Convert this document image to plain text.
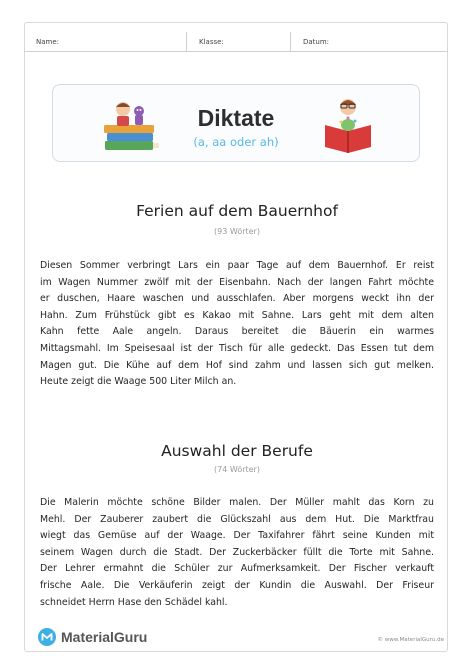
Name:	Klasse:	Datum:
Diktate
(a, aa oder ah)
Ferien auf dem Bauernhof
(93 Wörter)
Diesen Sommer verbringt Lars ein paar Tage auf dem Bauernhof. Er reist
im Wagen Nummer zwölf mit der Eisenbahn. Nach der langen Fahrt möchte
er duschen, Haare waschen und ausschlafen. Aber morgens weckt ihn der
Hahn. Zum Frühstück gibt es Kakao mit Sahne. Lars geht mit dem alten
Kahn fette Aale angeln. Daraus bereitet die Bäuerin ein warmes
Mittagsmahl. Im Speisesaal ist der Tisch für alle gedeckt. Das Essen tut dem
Magen gut. Die Kühe auf dem Hof sind zahm und lassen sich gut melken.
Heute zeigt die Waage 500 Liter Milch an.
Auswahl der Berufe
(74 Wörter)
Die Malerin möchte schöne Bilder malen. Der Müller mahlt das Korn zu
Mehl. Der Zauberer zaubert die Glückszahl aus dem Hut. Die Marktfrau
wiegt das Gemüse auf der Waage. Der Taxifahrer fährt seine Kunden mit
seinem Wagen durch die Stadt. Der Zuckerbäcker füllt die Torte mit Sahne.
Der Lehrer ermahnt die Schüler zur Aufmerksamkeit. Der Fischer verkauft
frische Aale. Die Verkäuferin zeigt der Kundin die Auswahl. Der Friseur
schneidet Herrn Hase den Schädel kahl.
MaterialGuru	© www.MaterialGuru.de
